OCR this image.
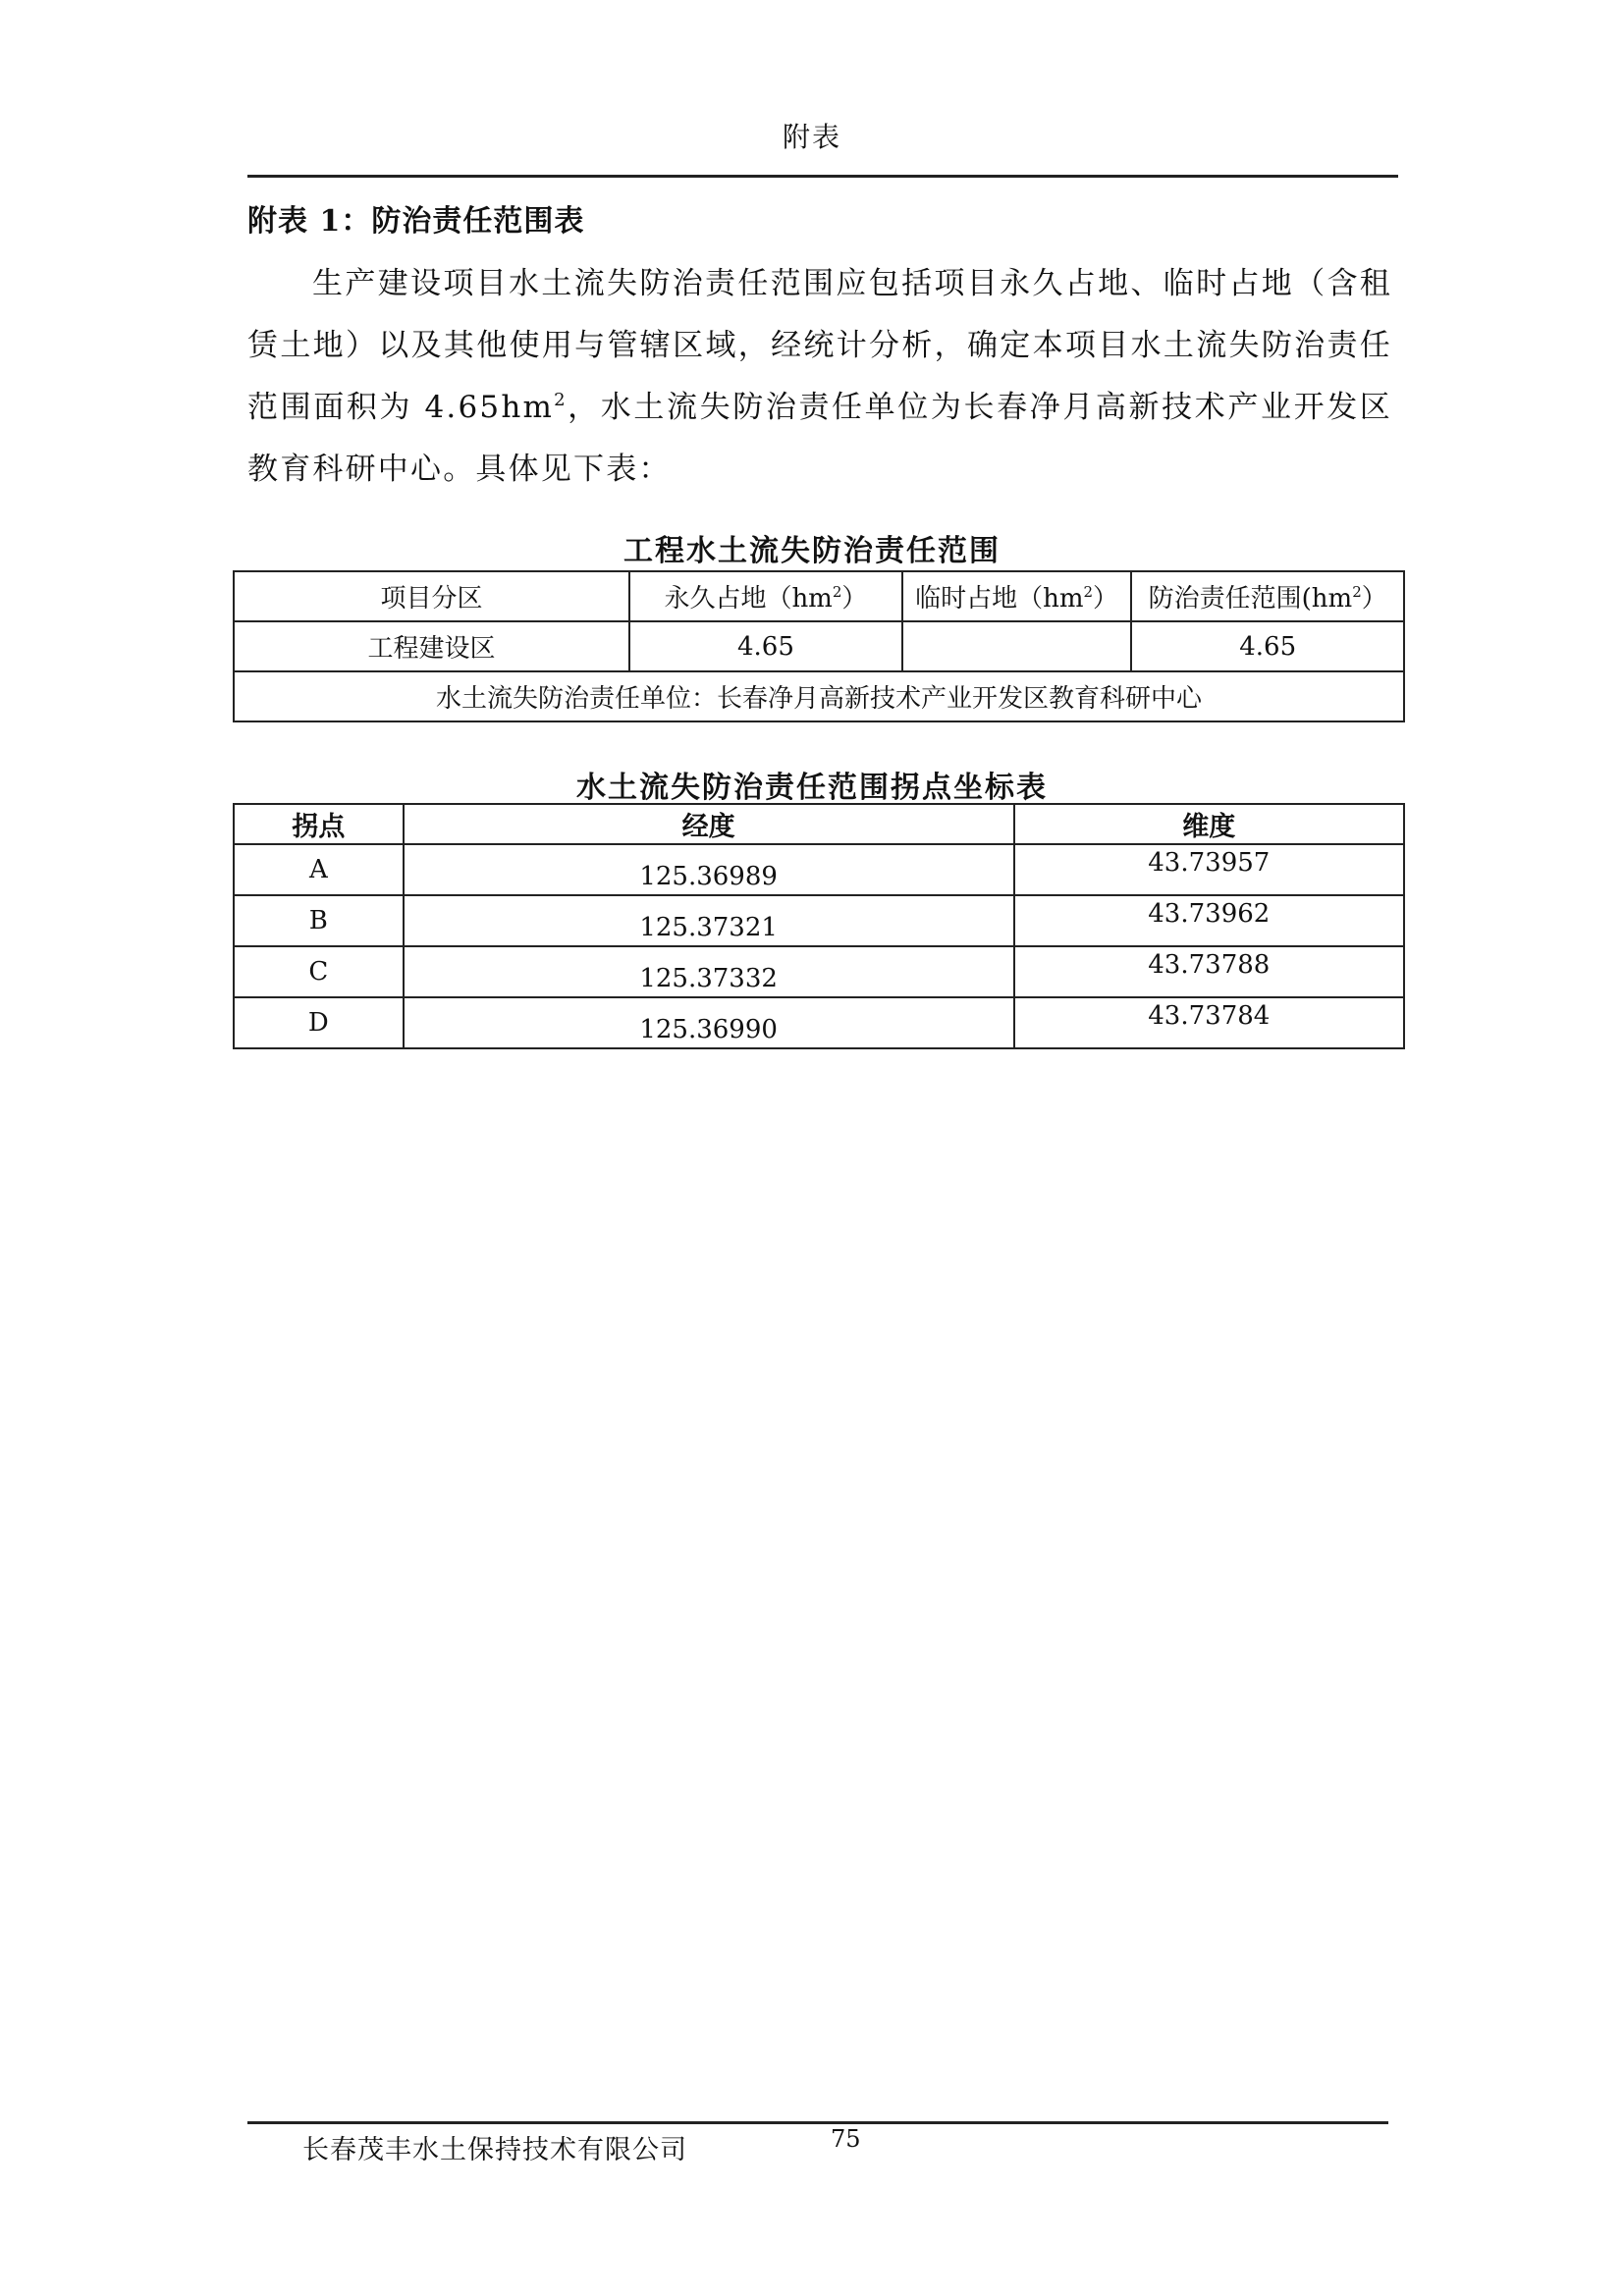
附表
附表 1：防治责任范围表
生产建设项目水土流失防治责任范围应包括项目永久占地、临时占地（含租赁土地）以及其他使用与管辖区域，经统计分析，确定本项目水土流失防治责任范围面积为 $4.65hm^2$，水土流失防治责任单位为长春净月高新技术产业开发区教育科研中心。具体见下表：
工程水土流失防治责任范围
项目分区	永久占地$(hm^2)$	临时占地$(hm^2)$	防治责任范围$(hm^2)$
工程建设区	4.65		4.65
水土流失防治责任单位：长春净月高新技术产业开发区教育科研中心			
水土流失防治责任范围拐点坐标表
拐点	经度	维度
A	125.36989	43.73957

B	125.37321	43.73962

C	125.37332	43.73788

D	125.36990	43.73784
长春茂丰水土保持技术有限公司	75
